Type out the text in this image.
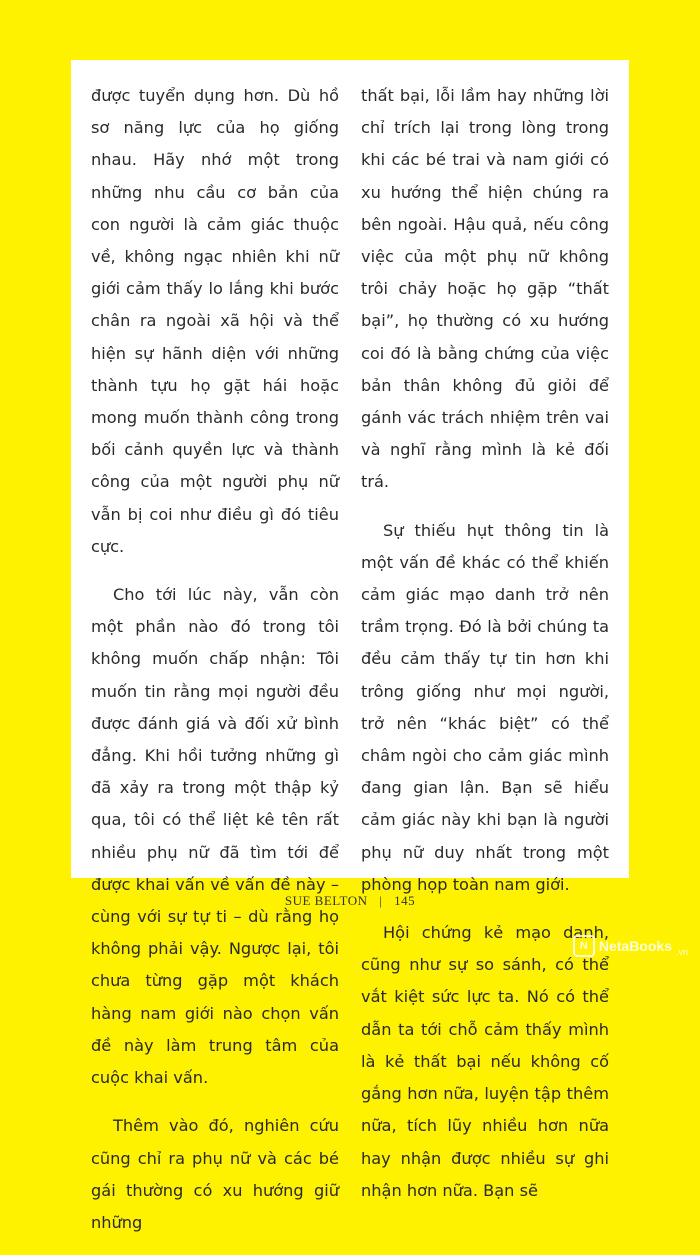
được tuyển dụng hơn. Dù hồ sơ năng lực của họ giống nhau. Hãy nhớ một trong những nhu cầu cơ bản của con người là cảm giác thuộc về, không ngạc nhiên khi nữ giới cảm thấy lo lắng khi bước chân ra ngoài xã hội và thể hiện sự hãnh diện với những thành tựu họ gặt hái hoặc mong muốn thành công trong bối cảnh quyền lực và thành công của một người phụ nữ vẫn bị coi như điều gì đó tiêu cực.

Cho tới lúc này, vẫn còn một phần nào đó trong tôi không muốn chấp nhận: Tôi muốn tin rằng mọi người đều được đánh giá và đối xử bình đẳng. Khi hồi tưởng những gì đã xảy ra trong một thập kỷ qua, tôi có thể liệt kê tên rất nhiều phụ nữ đã tìm tới để được khai vấn về vấn đề này – cùng với sự tự ti – dù rằng họ không phải vậy. Ngược lại, tôi chưa từng gặp một khách hàng nam giới nào chọn vấn đề này làm trung tâm của cuộc khai vấn.

Thêm vào đó, nghiên cứu cũng chỉ ra phụ nữ và các bé gái thường có xu hướng giữ những

thất bại, lỗi lầm hay những lời chỉ trích lại trong lòng trong khi các bé trai và nam giới có xu hướng thể hiện chúng ra bên ngoài. Hậu quả, nếu công việc của một phụ nữ không trôi chảy hoặc họ gặp “thất bại”, họ thường có xu hướng coi đó là bằng chứng của việc bản thân không đủ giỏi để gánh vác trách nhiệm trên vai và nghĩ rằng mình là kẻ đối trá.

Sự thiếu hụt thông tin là một vấn đề khác có thể khiến cảm giác mạo danh trở nên trầm trọng. Đó là bởi chúng ta đều cảm thấy tự tin hơn khi trông giống như mọi người, trở nên “khác biệt” có thể châm ngòi cho cảm giác mình đang gian lận. Bạn sẽ hiểu cảm giác này khi bạn là người phụ nữ duy nhất trong một phòng họp toàn nam giới.

Hội chứng kẻ mạo danh, cũng như sự so sánh, có thể vắt kiệt sức lực ta. Nó có thể dẫn ta tới chỗ cảm thấy mình là kẻ thất bại nếu không cố gắng hơn nữa, luyện tập thêm nữa, tích lũy nhiều hơn nữa hay nhận được nhiều sự ghi nhận hơn nữa. Bạn sẽ

SUE BELTON | 145
N NetaBooks .vn
